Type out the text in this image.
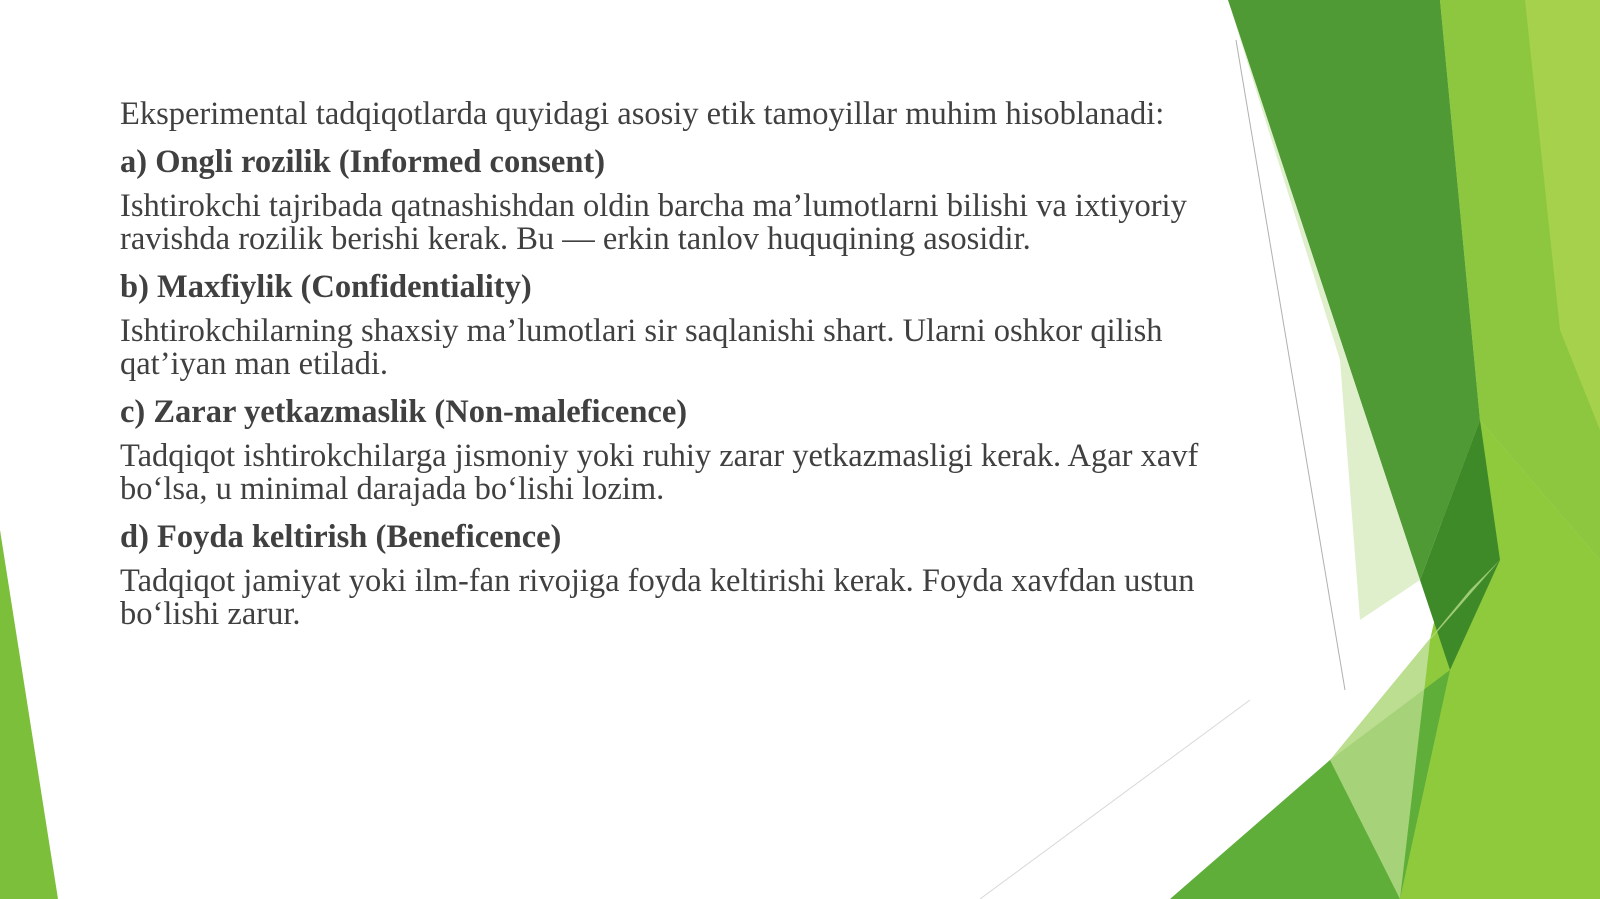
Eksperimental tadqiqotlarda quyidagi asosiy etik tamoyillar muhim hisoblanadi:

a) Ongli rozilik (Informed consent)

Ishtirokchi tajribada qatnashishdan oldin barcha ma’lumotlarni bilishi va ixtiyoriy ravishda rozilik berishi kerak. Bu — erkin tanlov huquqining asosidir.

b) Maxfiylik (Confidentiality)

Ishtirokchilarning shaxsiy ma’lumotlari sir saqlanishi shart. Ularni oshkor qilish qat’iyan man etiladi.

c) Zarar yetkazmaslik (Non-maleficence)

Tadqiqot ishtirokchilarga jismoniy yoki ruhiy zarar yetkazmasligi kerak. Agar xavf bo‘lsa, u minimal darajada bo‘lishi lozim.

d) Foyda keltirish (Beneficence)

Tadqiqot jamiyat yoki ilm-fan rivojiga foyda keltirishi kerak. Foyda xavfdan ustun bo‘lishi zarur.
